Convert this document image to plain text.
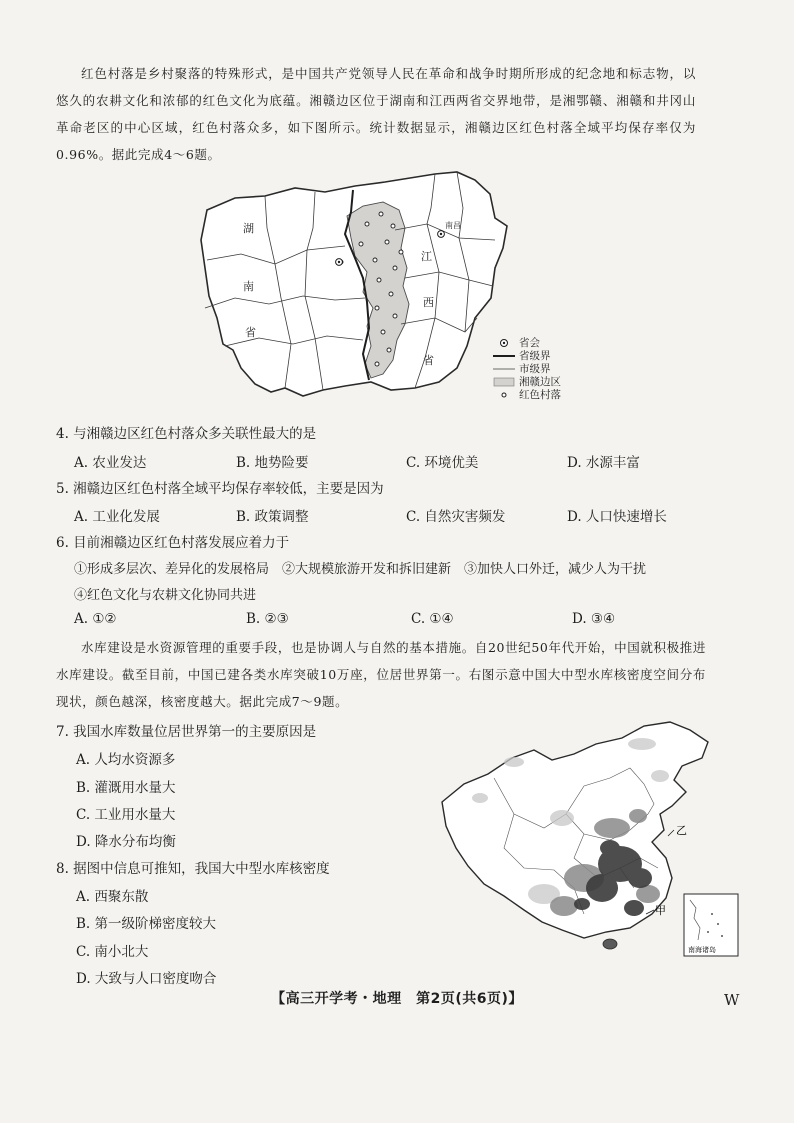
红色村落是乡村聚落的特殊形式，是中国共产党领导人民在革命和战争时期所形成的纪念地和标志物，以悠久的农耕文化和浓郁的红色文化为底蕴。湘赣边区位于湖南和江西两省交界地带，是湘鄂赣、湘赣和井冈山革命老区的中心区域，红色村落众多，如下图所示。统计数据显示，湘赣边区红色村落全域平均保存率仅为0.96%。据此完成4～6题。

湖
南
省
江
西
省
南昌
省会
省级界
市级界
湘赣边区
红色村落
4. 与湘赣边区红色村落众多关联性最大的是
A. 农业发达	B. 地势险要	C. 环境优美	D. 水源丰富
5. 湘赣边区红色村落全域平均保存率较低，主要是因为
A. 工业化发展	B. 政策调整	C. 自然灾害频发	D. 人口快速增长
6. 目前湘赣边区红色村落发展应着力于
①形成多层次、差异化的发展格局　②大规模旅游开发和拆旧建新　③加快人口外迁，减少人为干扰
④红色文化与农耕文化协同共进
A. ①②	B. ②③	C. ①④	D. ③④

水库建设是水资源管理的重要手段，也是协调人与自然的基本措施。自20世纪50年代开始，中国就积极推进水库建设。截至目前，中国已建各类水库突破10万座，位居世界第一。右图示意中国大中型水库核密度空间分布现状，颜色越深，核密度越大。据此完成7～9题。

7. 我国水库数量位居世界第一的主要原因是
A. 人均水资源多
B. 灌溉用水量大
C. 工业用水量大
D. 降水分布均衡
8. 据图中信息可推知，我国大中型水库核密度
A. 西聚东散
B. 第一级阶梯密度较大
C. 南小北大
D. 大致与人口密度吻合
乙
甲
南海诸岛
【高三开学考・地理　第2页(共6页)】	W
